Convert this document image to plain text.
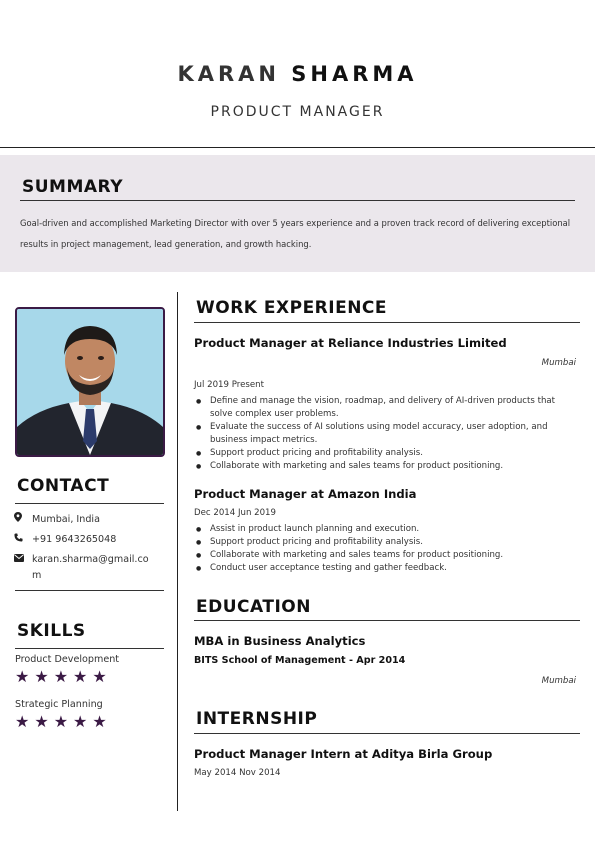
KARAN SHARMA
PRODUCT MANAGER
SUMMARY
Goal-driven and accomplished Marketing Director with over 5 years experience and a proven track record of delivering exceptional results in project management, lead generation, and growth hacking.
CONTACT
Mumbai, India
+91 9643265048
karan.sharma@gmail.com
SKILLS
Product Development
★★★★★
Strategic Planning
★★★★★
WORK EXPERIENCE
Product Manager at Reliance Industries Limited
Mumbai
Jul 2019 Present
● Define and manage the vision, roadmap, and delivery of AI-driven products that solve complex user problems.
● Evaluate the success of AI solutions using model accuracy, user adoption, and business impact metrics.
● Support product pricing and profitability analysis.
● Collaborate with marketing and sales teams for product positioning.
Product Manager at Amazon India
Dec 2014 Jun 2019
● Assist in product launch planning and execution.
● Support product pricing and profitability analysis.
● Collaborate with marketing and sales teams for product positioning.
● Conduct user acceptance testing and gather feedback.
EDUCATION
MBA in Business Analytics
BITS School of Management - Apr 2014
Mumbai
INTERNSHIP
Product Manager Intern at Aditya Birla Group
May 2014 Nov 2014
